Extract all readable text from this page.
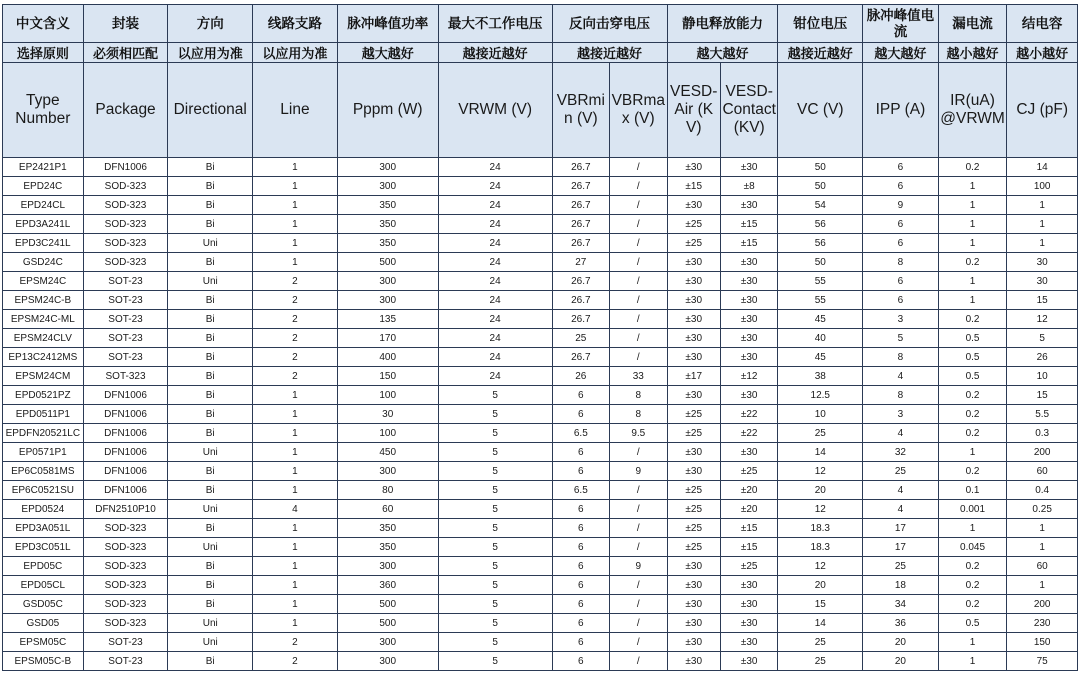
中文含义	封装	方向	线路支路	脉冲峰值功率	最大不工作电压	反向击穿电压		静电释放能力		钳位电压	脉冲峰值电流	漏电流	结电容
选择原则	必须相匹配	以应用为准	以应用为准	越大越好	越接近越好	越接近越好		越大越好		越接近越好	越大越好	越小越好	越小越好
Type Number	Package	Directional	Line	Pppm (W)	VRWM (V)	VBRmin (V)	VBRmax (V)	VESD-Air (KV)	VESD-Contact (KV)	VC (V)	IPP (A)	IR(uA) @VRWM	CJ (pF)
EP2421P1	DFN1006	Bi	1	300	24	26.7	/	±30	±30	50	6	0.2	14
EPD24C	SOD-323	Bi	1	300	24	26.7	/	±15	±8	50	6	1	100
EPD24CL	SOD-323	Bi	1	350	24	26.7	/	±30	±30	54	9	1	1
EPD3A241L	SOD-323	Bi	1	350	24	26.7	/	±25	±15	56	6	1	1
EPD3C241L	SOD-323	Uni	1	350	24	26.7	/	±25	±15	56	6	1	1
GSD24C	SOD-323	Bi	1	500	24	27	/	±30	±30	50	8	0.2	30
EPSM24C	SOT-23	Uni	2	300	24	26.7	/	±30	±30	55	6	1	30
EPSM24C-B	SOT-23	Bi	2	300	24	26.7	/	±30	±30	55	6	1	15
EPSM24C-ML	SOT-23	Bi	2	135	24	26.7	/	±30	±30	45	3	0.2	12
EPSM24CLV	SOT-23	Bi	2	170	24	25	/	±30	±30	40	5	0.5	5
EP13C2412MS	SOT-23	Bi	2	400	24	26.7	/	±30	±30	45	8	0.5	26
EPSM24CM	SOT-323	Bi	2	150	24	26	33	±17	±12	38	4	0.5	10
EPD0521PZ	DFN1006	Bi	1	100	5	6	8	±30	±30	12.5	8	0.2	15
EPD0511P1	DFN1006	Bi	1	30	5	6	8	±25	±22	10	3	0.2	5.5
EPDFN20521LC	DFN1006	Bi	1	100	5	6.5	9.5	±25	±22	25	4	0.2	0.3
EP0571P1	DFN1006	Uni	1	450	5	6	/	±30	±30	14	32	1	200
EP6C0581MS	DFN1006	Bi	1	300	5	6	9	±30	±25	12	25	0.2	60
EP6C0521SU	DFN1006	Bi	1	80	5	6.5	/	±25	±20	20	4	0.1	0.4
EPD0524	DFN2510P10	Uni	4	60	5	6	/	±25	±20	12	4	0.001	0.25
EPD3A051L	SOD-323	Bi	1	350	5	6	/	±25	±15	18.3	17	1	1
EPD3C051L	SOD-323	Uni	1	350	5	6	/	±25	±15	18.3	17	0.045	1
EPD05C	SOD-323	Bi	1	300	5	6	9	±30	±25	12	25	0.2	60
EPD05CL	SOD-323	Bi	1	360	5	6	/	±30	±30	20	18	0.2	1
GSD05C	SOD-323	Bi	1	500	5	6	/	±30	±30	15	34	0.2	200
GSD05	SOD-323	Uni	1	500	5	6	/	±30	±30	14	36	0.5	230
EPSM05C	SOT-23	Uni	2	300	5	6	/	±30	±30	25	20	1	150
EPSM05C-B	SOT-23	Bi	2	300	5	6	/	±30	±30	25	20	1	75
